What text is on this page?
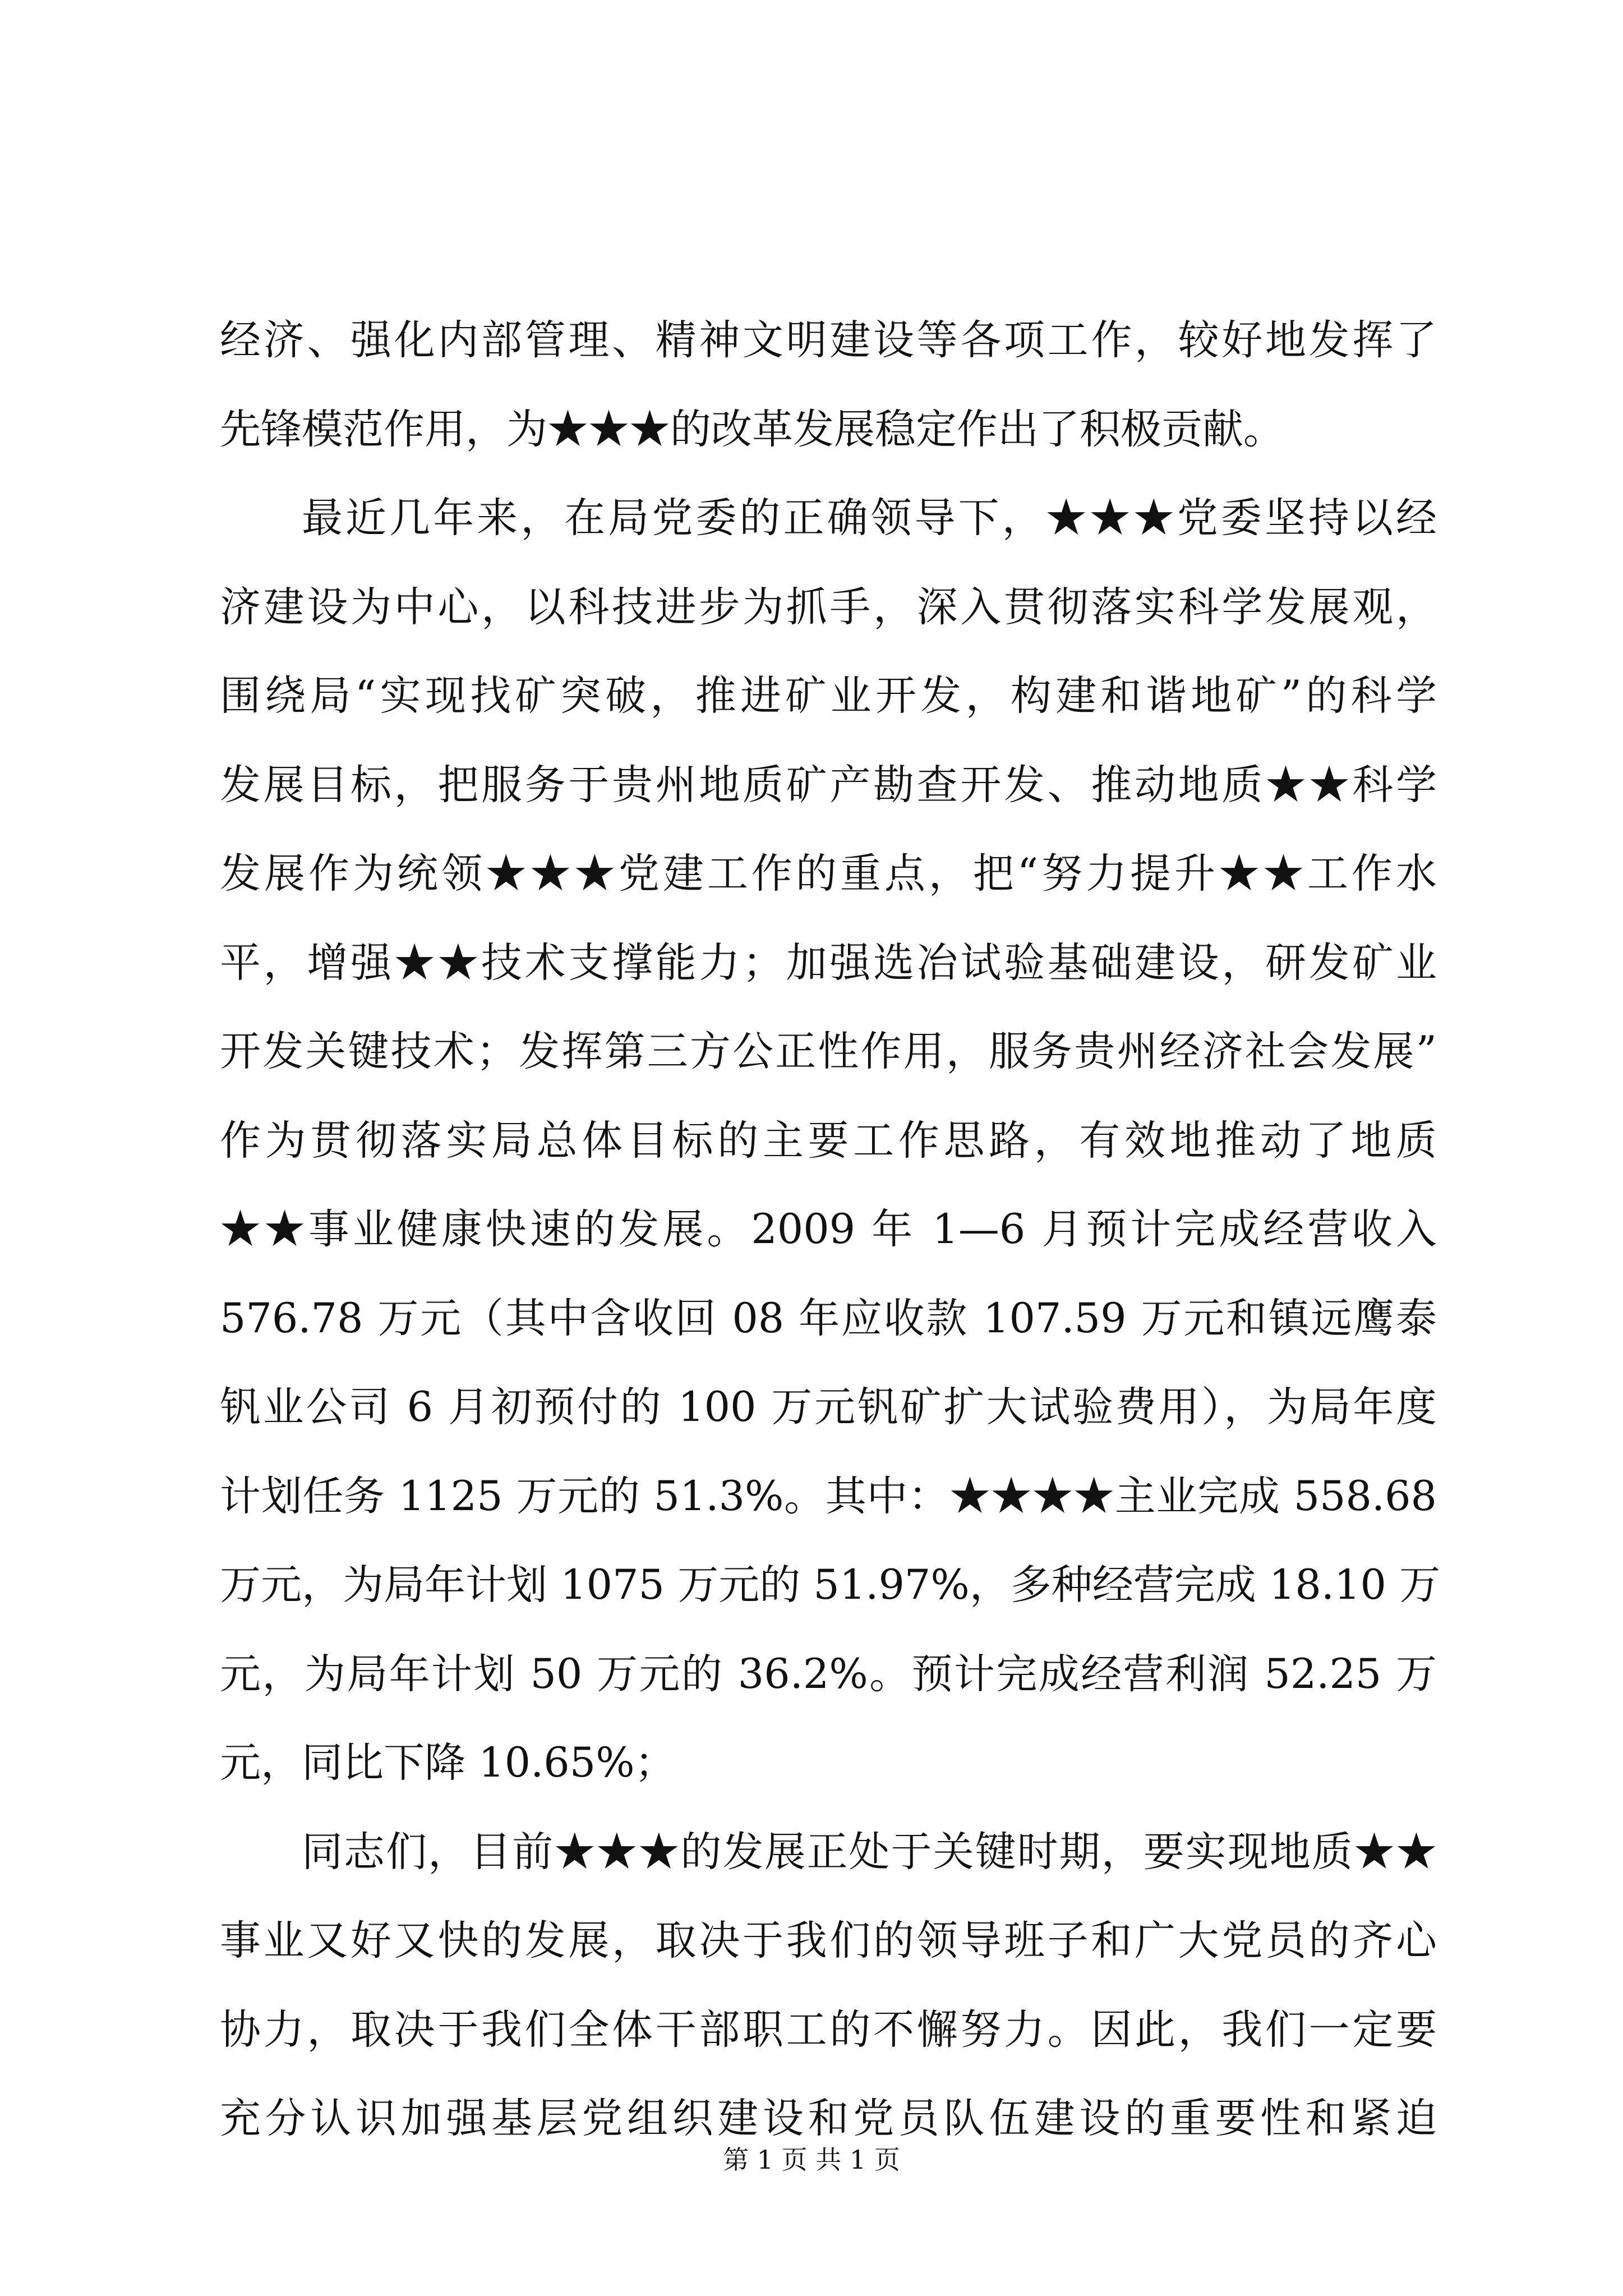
经济、强化内部管理、精神文明建设等各项工作，较好地发挥了
先锋模范作用，为★★★的改革发展稳定作出了积极贡献。
最近几年来，在局党委的正确领导下，★★★党委坚持以经
济建设为中心，以科技进步为抓手，深入贯彻落实科学发展观，
围绕局“实现找矿突破，推进矿业开发，构建和谐地矿”的科学
发展目标，把服务于贵州地质矿产勘查开发、推动地质★★科学
发展作为统领★★★党建工作的重点，把“努力提升★★工作水
平，增强★★技术支撑能力；加强选冶试验基础建设，研发矿业
开发关键技术；发挥第三方公正性作用，服务贵州经济社会发展”
作为贯彻落实局总体目标的主要工作思路，有效地推动了地质
★★事业健康快速的发展。2009 年 1—6 月预计完成经营收入
576.78 万元（其中含收回 08 年应收款 107.59 万元和镇远鹰泰
钒业公司 6 月初预付的 100 万元钒矿扩大试验费用），为局年度
计划任务 1125 万元的 51.3%。其中：★★★★主业完成 558.68
万元，为局年计划 1075 万元的 51.97%，多种经营完成 18.10 万
元，为局年计划 50 万元的 36.2%。预计完成经营利润 52.25 万
元，同比下降 10.65%；
同志们，目前★★★的发展正处于关键时期，要实现地质★★
事业又好又快的发展，取决于我们的领导班子和广大党员的齐心
协力，取决于我们全体干部职工的不懈努力。因此，我们一定要
充分认识加强基层党组织建设和党员队伍建设的重要性和紧迫
第 1 页 共 1 页
